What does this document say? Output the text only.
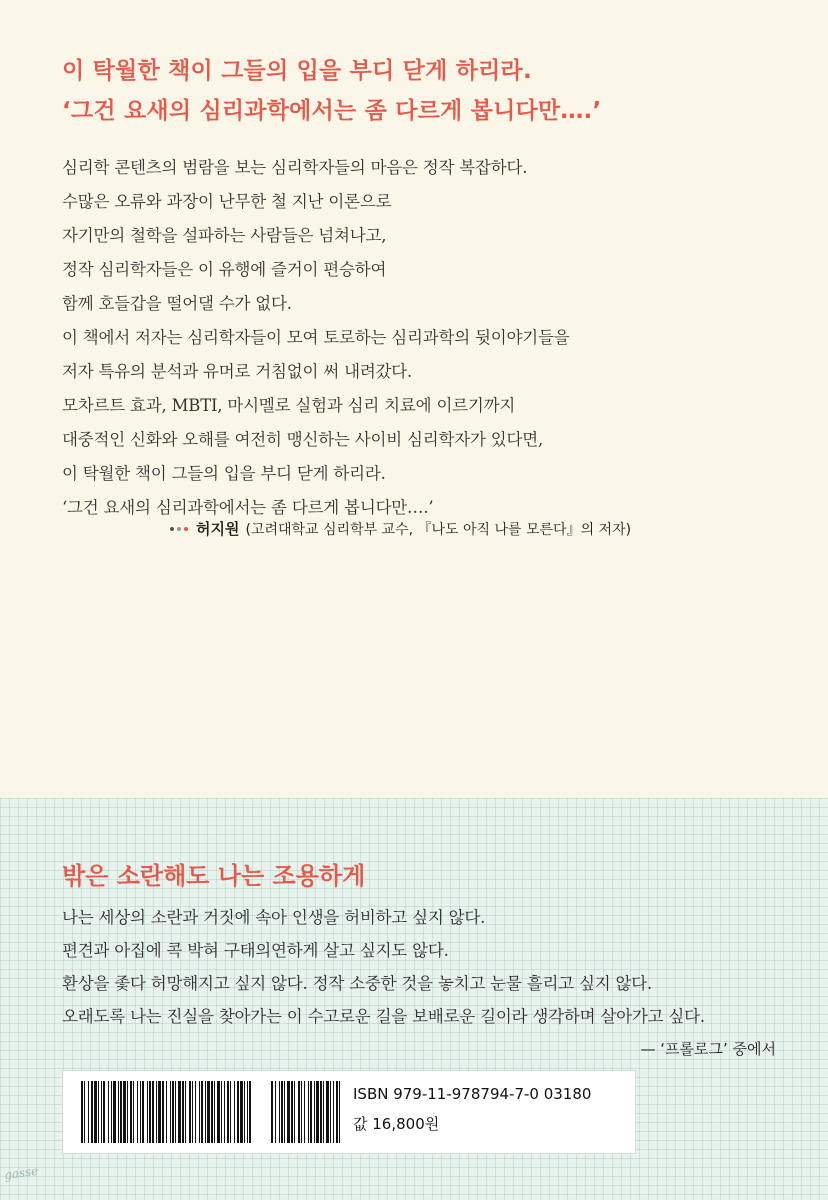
이 탁월한 책이 그들의 입을 부디 닫게 하리라.
‘그건 요새의 심리과학에서는 좀 다르게 봅니다만….’
심리학 콘텐츠의 범람을 보는 심리학자들의 마음은 정작 복잡하다.
수많은 오류와 과장이 난무한 철 지난 이론으로
자기만의 철학을 설파하는 사람들은 넘쳐나고,
정작 심리학자들은 이 유행에 즐거이 편승하여
함께 호들갑을 떨어댈 수가 없다.
이 책에서 저자는 심리학자들이 모여 토로하는 심리과학의 뒷이야기들을
저자 특유의 분석과 유머로 거침없이 써 내려갔다.
모차르트 효과, MBTI, 마시멜로 실험과 심리 치료에 이르기까지
대중적인 신화와 오해를 여전히 맹신하는 사이비 심리학자가 있다면,
이 탁월한 책이 그들의 입을 부디 닫게 하리라.
‘그건 요새의 심리과학에서는 좀 다르게 봅니다만….’
허지원 (고려대학교 심리학부 교수, 『나도 아직 나를 모른다』의 저자)
밖은 소란해도 나는 조용하게
나는 세상의 소란과 거짓에 속아 인생을 허비하고 싶지 않다.
편견과 아집에 콕 박혀 구태의연하게 살고 싶지도 않다.
환상을 좇다 허망해지고 싶지 않다. 정작 소중한 것을 놓치고 눈물 흘리고 싶지 않다.
오래도록 나는 진실을 찾아가는 이 수고로운 길을 보배로운 길이라 생각하며 살아가고 싶다.
— ‘프롤로그’ 중에서
ISBN 979-11-978794-7-0 03180
값 16,800원
gasse
